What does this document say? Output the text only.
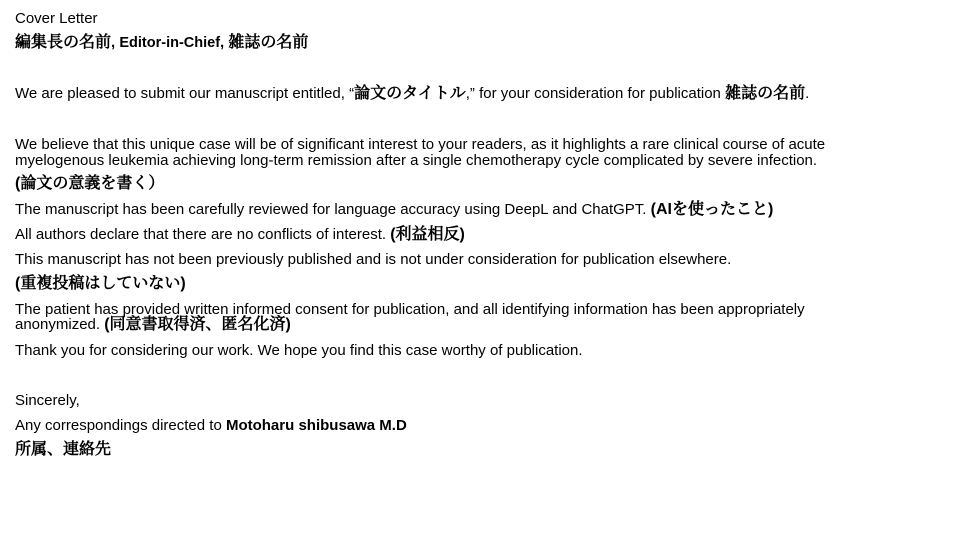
Cover Letter
編集長の名前, Editor-in-Chief, 雑誌の名前
We are pleased to submit our manuscript entitled, “論文のタイトル,” for your consideration for publication 雑誌の名前.
We believe that this unique case will be of significant interest to your readers, as it highlights a rare clinical course of acute
myelogenous leukemia achieving long-term remission after a single chemotherapy cycle complicated by severe infection.
(論文の意義を書く）
The manuscript has been carefully reviewed for language accuracy using DeepL and ChatGPT. (AIを使ったこと)
All authors declare that there are no conflicts of interest. (利益相反)
This manuscript has not been previously published and is not under consideration for publication elsewhere.
(重複投稿はしていない)
The patient has provided written informed consent for publication, and all identifying information has been appropriately
anonymized. (同意書取得済、匿名化済)
Thank you for considering our work. We hope you find this case worthy of publication.
Sincerely,
Any correspondings directed to Motoharu shibusawa M.D
所属、連絡先
